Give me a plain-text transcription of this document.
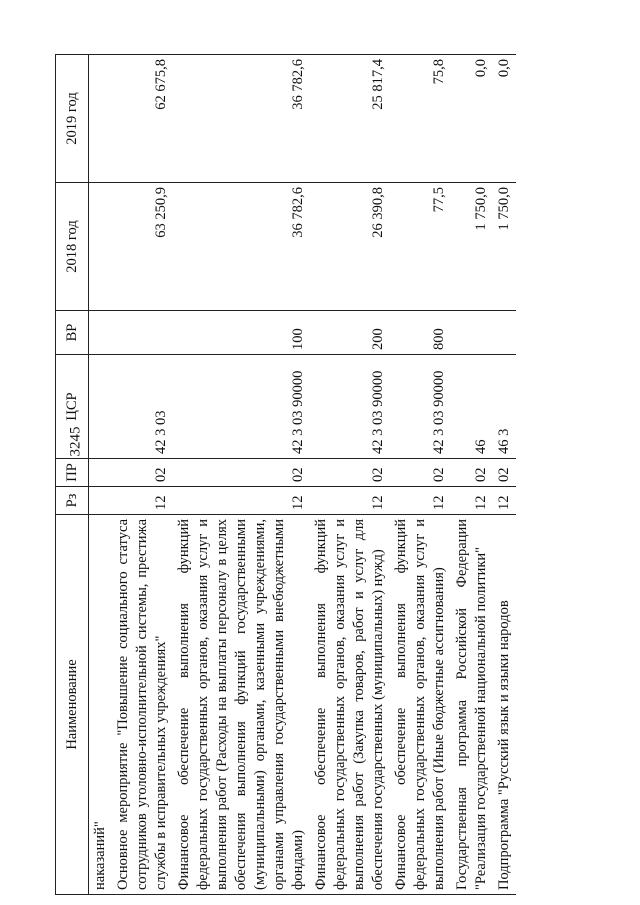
3245
Наименование	Рз	ПР	ЦСР	ВР	2018 год	2019 год
наказаний"						
Основное мероприятие "Повышение социального статуса сотрудников уголовно-исполнительной системы, престижа службы в исправительных учреждениях"	12	02	42 3 03		63 250,9	62 675,8
Финансовое обеспечение выполнения функций федеральных государственных органов, оказания услуг и выполнения работ (Расходы на выплаты персоналу в целях обеспечения выполнения функций государственными (муниципальными) органами, казенными учреждениями, органами управления государственными внебюджетными фондами)	12	02	42 3 03 90000	100	36 782,6	36 782,6
Финансовое обеспечение выполнения функций федеральных государственных органов, оказания услуг и выполнения работ (Закупка товаров, работ и услуг для обеспечения государственных (муниципальных) нужд)	12	02	42 3 03 90000	200	26 390,8	25 817,4
Финансовое обеспечение выполнения функций федеральных государственных органов, оказания услуг и выполнения работ (Иные бюджетные ассигнования)	12	02	42 3 03 90000	800	77,5	75,8
Государственная программа Российской Федерации "Реализация государственной национальной политики"	12	02	46		1 750,0	0,0
Подпрограмма "Русский язык и языки народов	12	02	46 3		1 750,0	0,0
